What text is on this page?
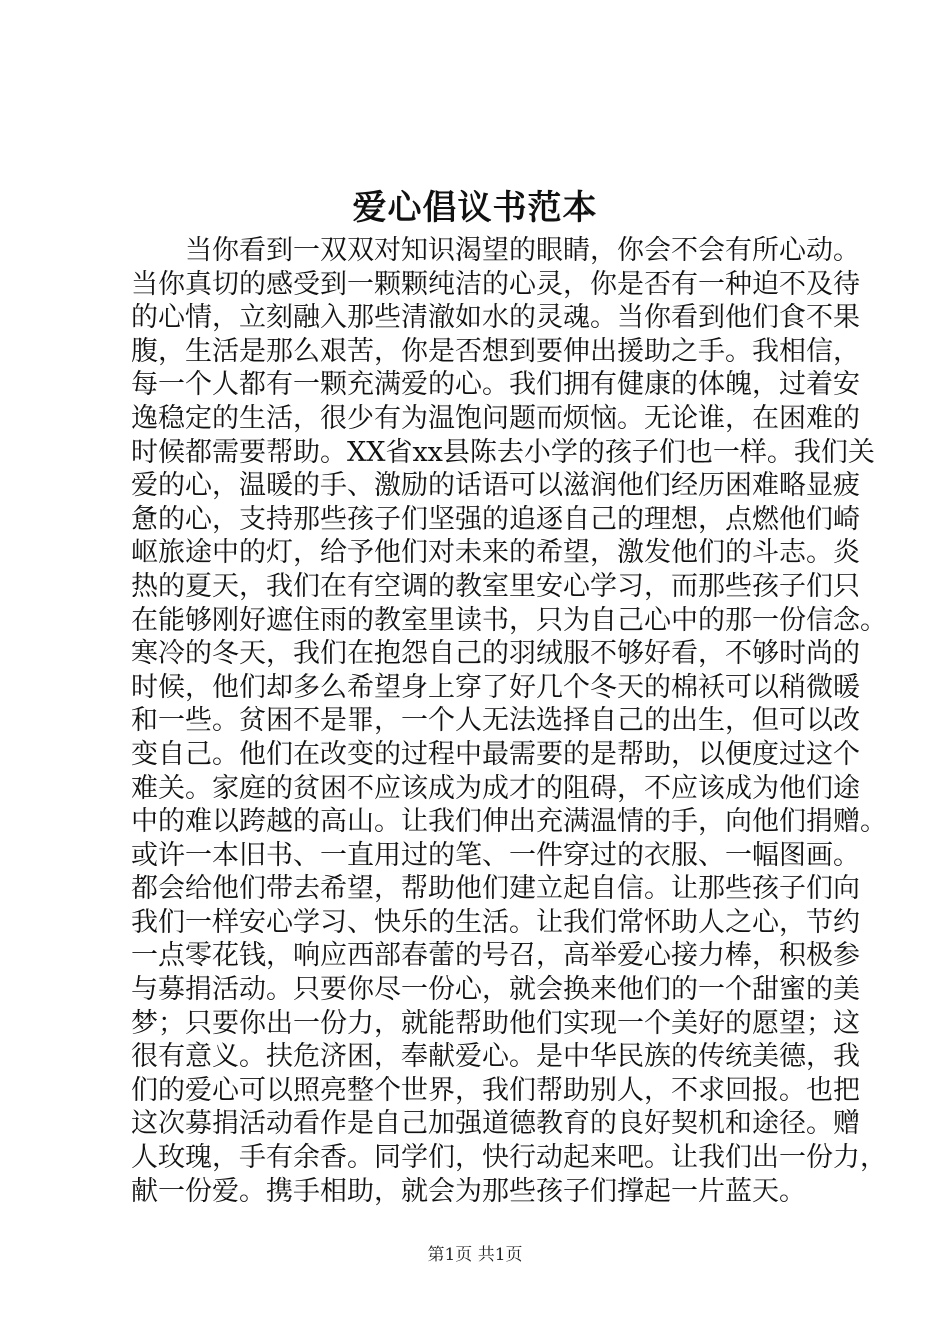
爱心倡议书范本
当你看到一双双对知识渴望的眼睛，你会不会有所心动。
当你真切的感受到一颗颗纯洁的心灵，你是否有一种迫不及待
的心情，立刻融入那些清澈如水的灵魂。当你看到他们食不果
腹，生活是那么艰苦，你是否想到要伸出援助之手。我相信，
每一个人都有一颗充满爱的心。我们拥有健康的体魄，过着安
逸稳定的生活，很少有为温饱问题而烦恼。无论谁，在困难的
时候都需要帮助。XX省xx县陈去小学的孩子们也一样。我们关
爱的心，温暖的手、激励的话语可以滋润他们经历困难略显疲
惫的心，支持那些孩子们坚强的追逐自己的理想，点燃他们崎
岖旅途中的灯，给予他们对未来的希望，激发他们的斗志。炎
热的夏天，我们在有空调的教室里安心学习，而那些孩子们只
在能够刚好遮住雨的教室里读书，只为自己心中的那一份信念。
寒冷的冬天，我们在抱怨自己的羽绒服不够好看，不够时尚的
时候，他们却多么希望身上穿了好几个冬天的棉袄可以稍微暖
和一些。贫困不是罪，一个人无法选择自己的出生，但可以改
变自己。他们在改变的过程中最需要的是帮助，以便度过这个
难关。家庭的贫困不应该成为成才的阻碍，不应该成为他们途
中的难以跨越的高山。让我们伸出充满温情的手，向他们捐赠。
或许一本旧书、一直用过的笔、一件穿过的衣服、一幅图画。
都会给他们带去希望，帮助他们建立起自信。让那些孩子们向
我们一样安心学习、快乐的生活。让我们常怀助人之心，节约
一点零花钱，响应西部春蕾的号召，高举爱心接力棒，积极参
与募捐活动。只要你尽一份心，就会换来他们的一个甜蜜的美
梦；只要你出一份力，就能帮助他们实现一个美好的愿望；这
很有意义。扶危济困，奉献爱心。是中华民族的传统美德，我
们的爱心可以照亮整个世界，我们帮助别人，不求回报。也把
这次募捐活动看作是自己加强道德教育的良好契机和途径。赠
人玫瑰，手有余香。同学们，快行动起来吧。让我们出一份力，
献一份爱。携手相助，就会为那些孩子们撑起一片蓝天。
第1页 共1页
